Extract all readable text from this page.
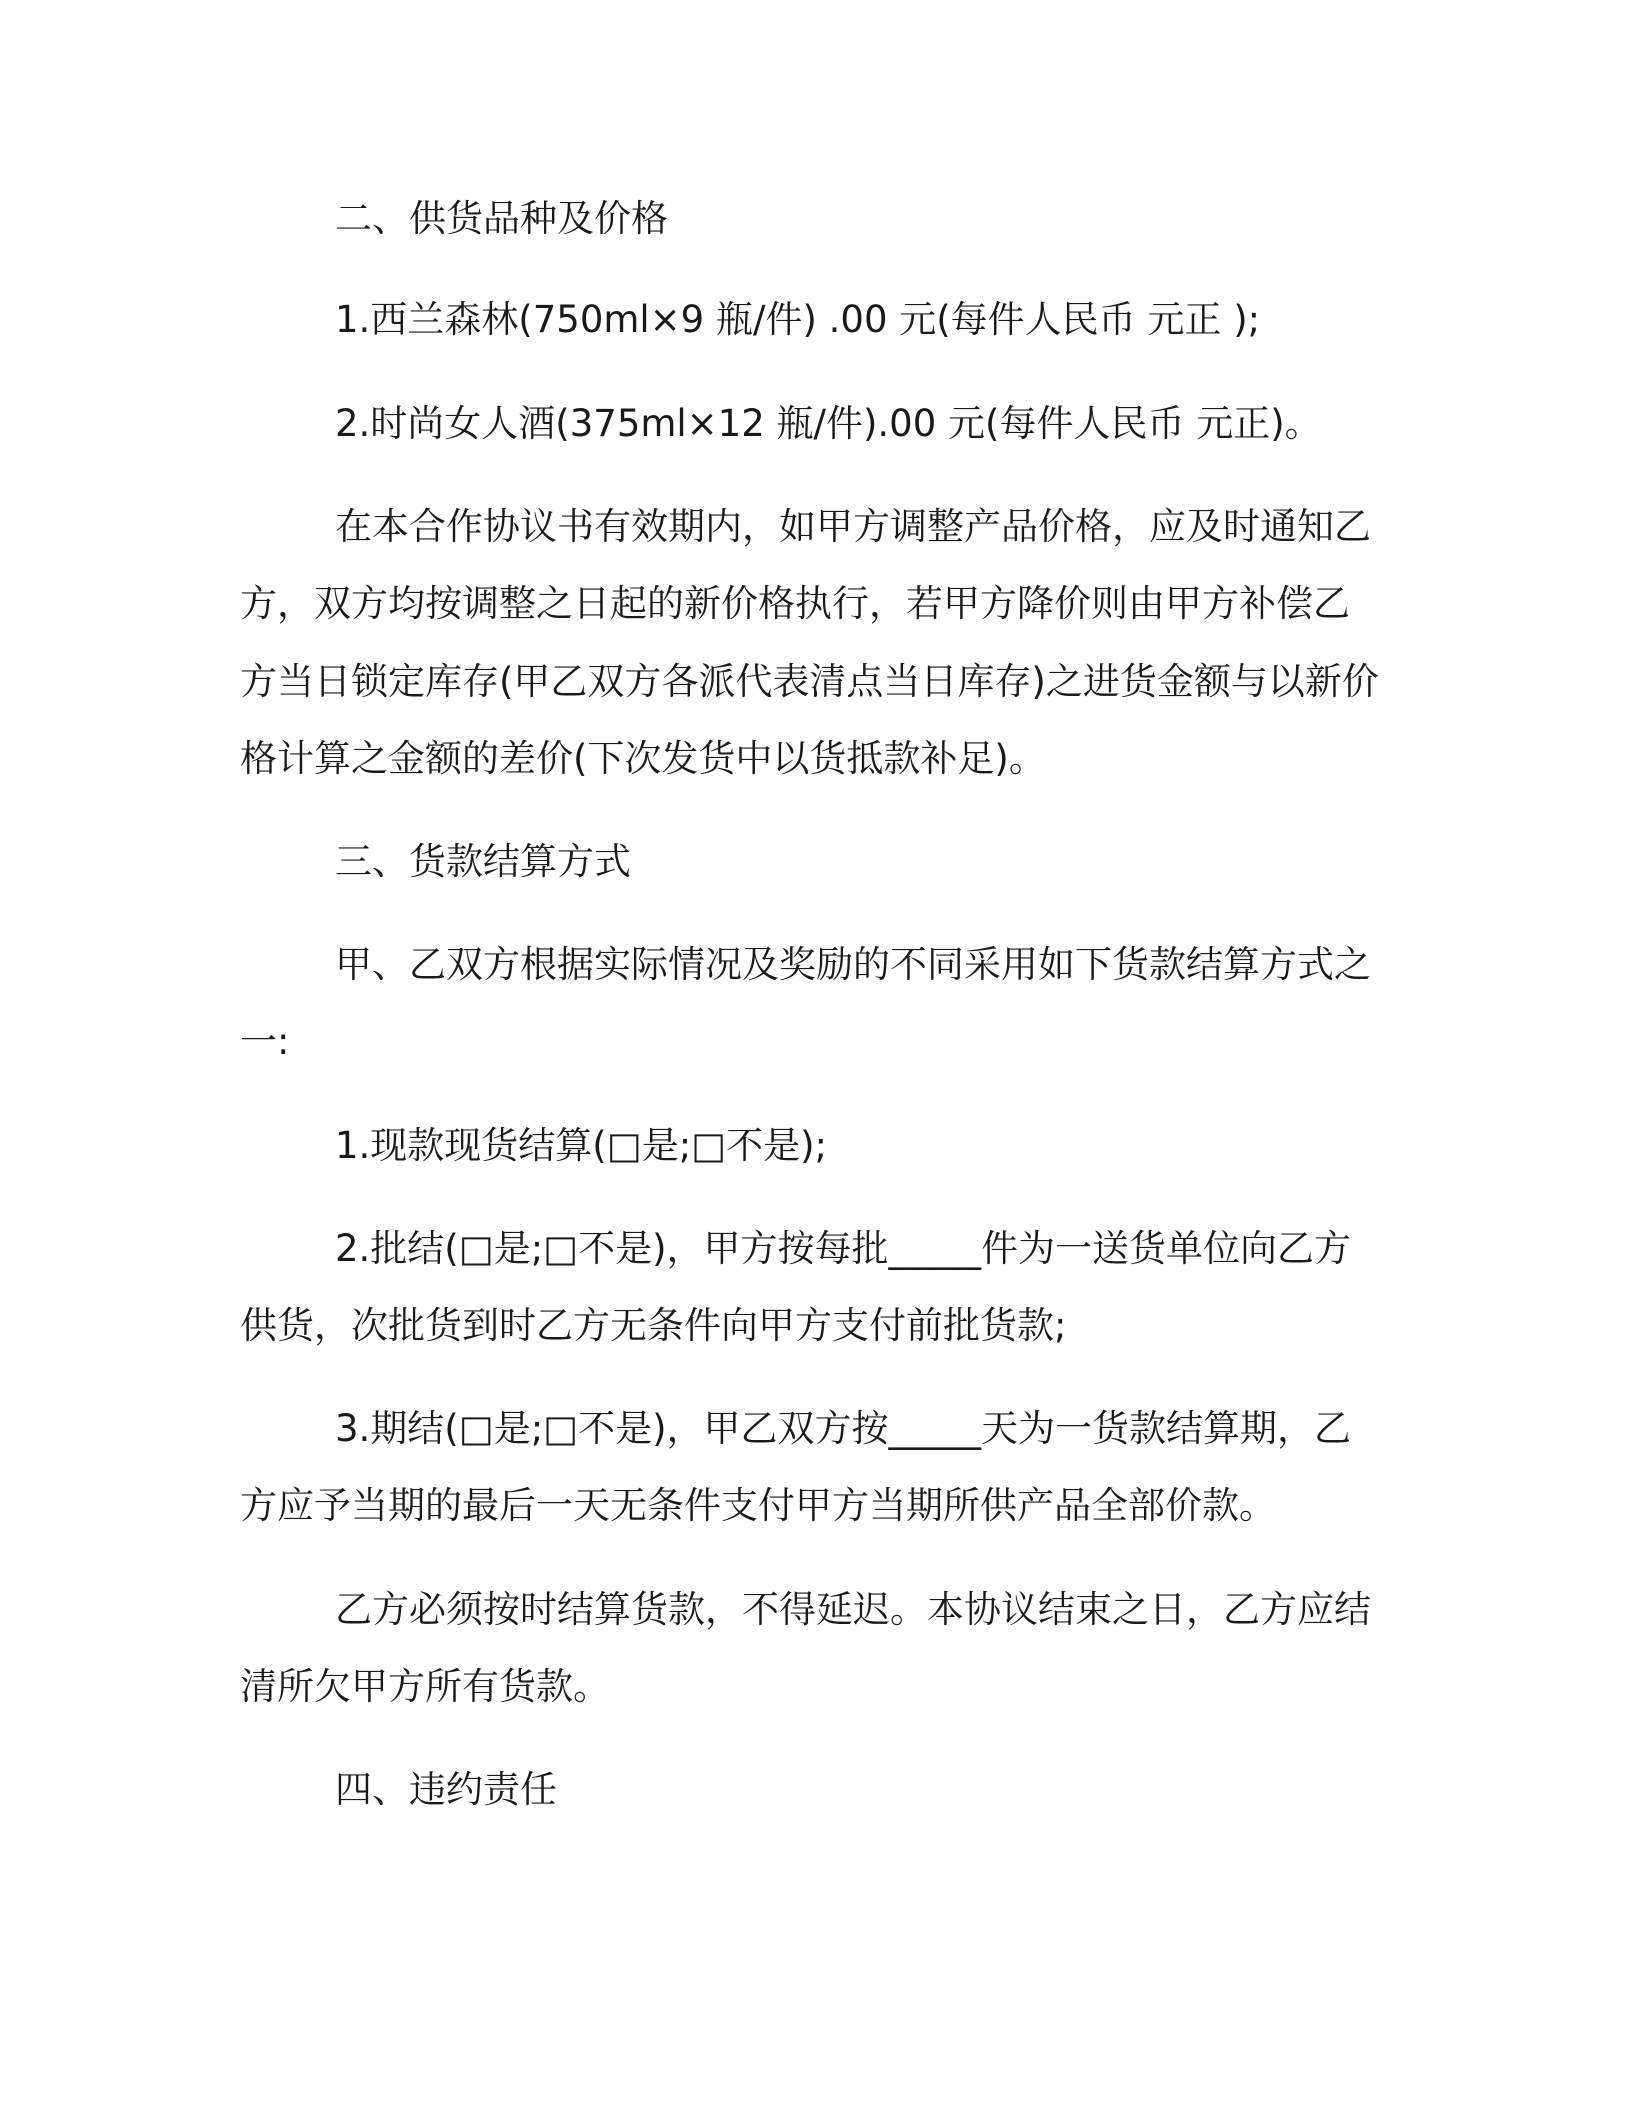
二、供货品种及价格

1.西兰森林(750ml×9 瓶/件) .00 元(每件人民币 元正 );

2.时尚女人酒(375ml×12 瓶/件).00 元(每件人民币 元正)。

在本合作协议书有效期内，如甲方调整产品价格，应及时通知乙

方，双方均按调整之日起的新价格执行，若甲方降价则由甲方补偿乙

方当日锁定库存(甲乙双方各派代表清点当日库存)之进货金额与以新价

格计算之金额的差价(下次发货中以货抵款补足)。

三、货款结算方式

甲、乙双方根据实际情况及奖励的不同采用如下货款结算方式之

一:

1.现款现货结算(□是;□不是);

2.批结(□是;□不是)，甲方按每批_____件为一送货单位向乙方

供货，次批货到时乙方无条件向甲方支付前批货款;

3.期结(□是;□不是)，甲乙双方按_____天为一货款结算期，乙

方应予当期的最后一天无条件支付甲方当期所供产品全部价款。

乙方必须按时结算货款，不得延迟。本协议结束之日，乙方应结

清所欠甲方所有货款。

四、违约责任
